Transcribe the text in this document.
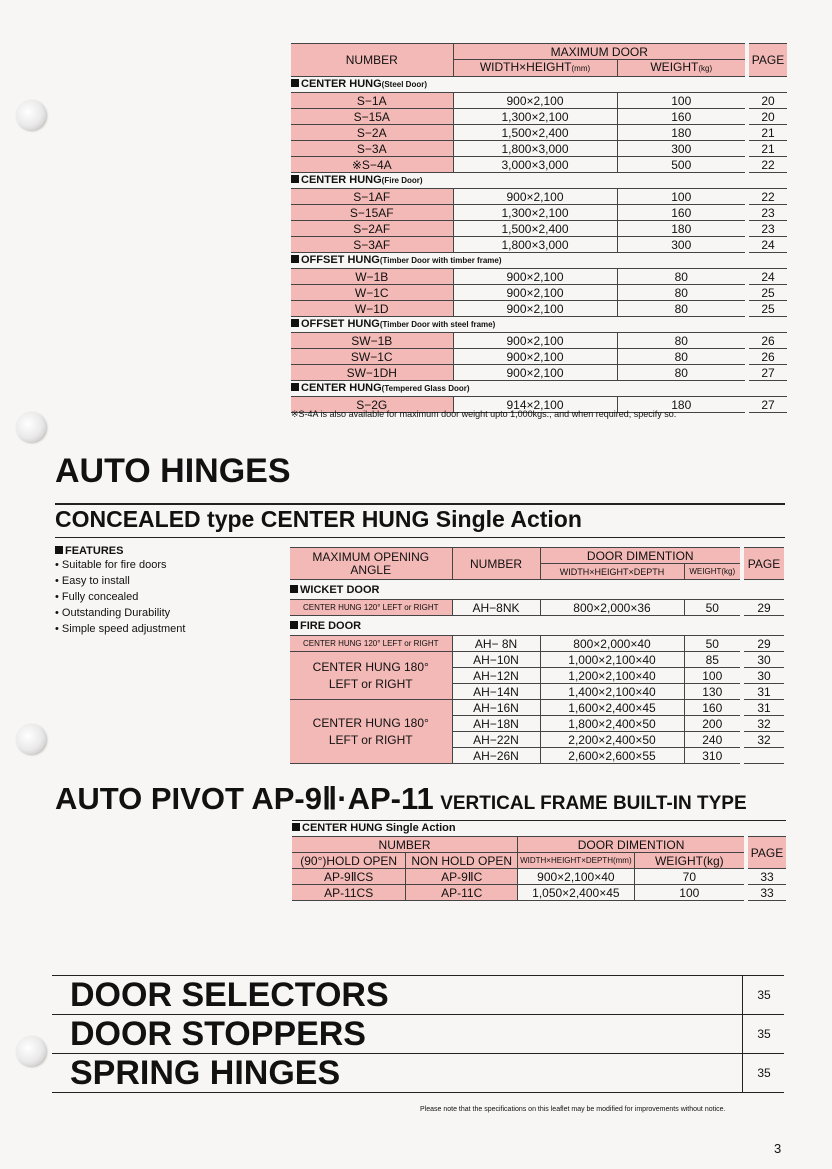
NUMBER	MAXIMUM DOOR			PAGE
	WIDTH×HEIGHT(mm)	WEIGHT(kg)		
CENTER HUNG(Steel Door)				
S−1A	900×2,100	100		20
S−15A	1,300×2,100	160		20
S−2A	1,500×2,400	180		21
S−3A	1,800×3,000	300		21
※S−4A	3,000×3,000	500		22
CENTER HUNG(Fire Door)				
S−1AF	900×2,100	100		22
S−15AF	1,300×2,100	160		23
S−2AF	1,500×2,400	180		23
S−3AF	1,800×3,000	300		24
OFFSET HUNG(Timber Door with timber frame)				
W−1B	900×2,100	80		24
W−1C	900×2,100	80		25
W−1D	900×2,100	80		25
OFFSET HUNG(Timber Door with steel frame)				
SW−1B	900×2,100	80		26
SW−1C	900×2,100	80		26
SW−1DH	900×2,100	80		27
CENTER HUNG(Tempered Glass Door)				
S−2G	914×2,100	180		27
※S-4A is also available for maximum door weight upto 1,000kgs., and when required, specify so.
AUTO HINGES
CONCEALED type CENTER HUNG Single Action
FEATURES
• Suitable for fire doors
• Easy to install
• Fully concealed
• Outstanding Durability
• Simple speed adjustment
MAXIMUM OPENING ANGLE	NUMBER	DOOR DIMENTION			PAGE
		WIDTH×HEIGHT×DEPTH	WEIGHT(kg)		
WICKET DOOR					
CENTER HUNG 120° LEFT or RIGHT	AH−8NK	800×2,000×36	50		29
FIRE DOOR					
CENTER HUNG 120° LEFT or RIGHT	AH− 8N	800×2,000×40	50		29
CENTER HUNG 180° LEFT or RIGHT	AH−10N	1,000×2,100×40	85		30
	AH−12N	1,200×2,100×40	100		30
	AH−14N	1,400×2,100×40	130		31
CENTER HUNG 180° LEFT or RIGHT	AH−16N	1,600×2,400×45	160		31
	AH−18N	1,800×2,400×50	200		32
	AH−22N	2,200×2,400×50	240		32
	AH−26N	2,600×2,600×55	310		
AUTO PIVOT AP-9Ⅱ·AP-11 VERTICAL FRAME BUILT-IN TYPE
CENTER HUNG Single Action
NUMBER		DOOR DIMENTION			PAGE
(90°)HOLD OPEN	NON HOLD OPEN	WIDTH×HEIGHT×DEPTH(mm)	WEIGHT(kg)		
AP-9ⅡCS	AP-9ⅡC	900×2,100×40	70		33
AP-11CS	AP-11C	1,050×2,400×45	100		33
DOOR SELECTORS	35
DOOR STOPPERS	35
SPRING HINGES	35
Please note that the specifications on this leaflet may be modified for improvements without notice.
3
